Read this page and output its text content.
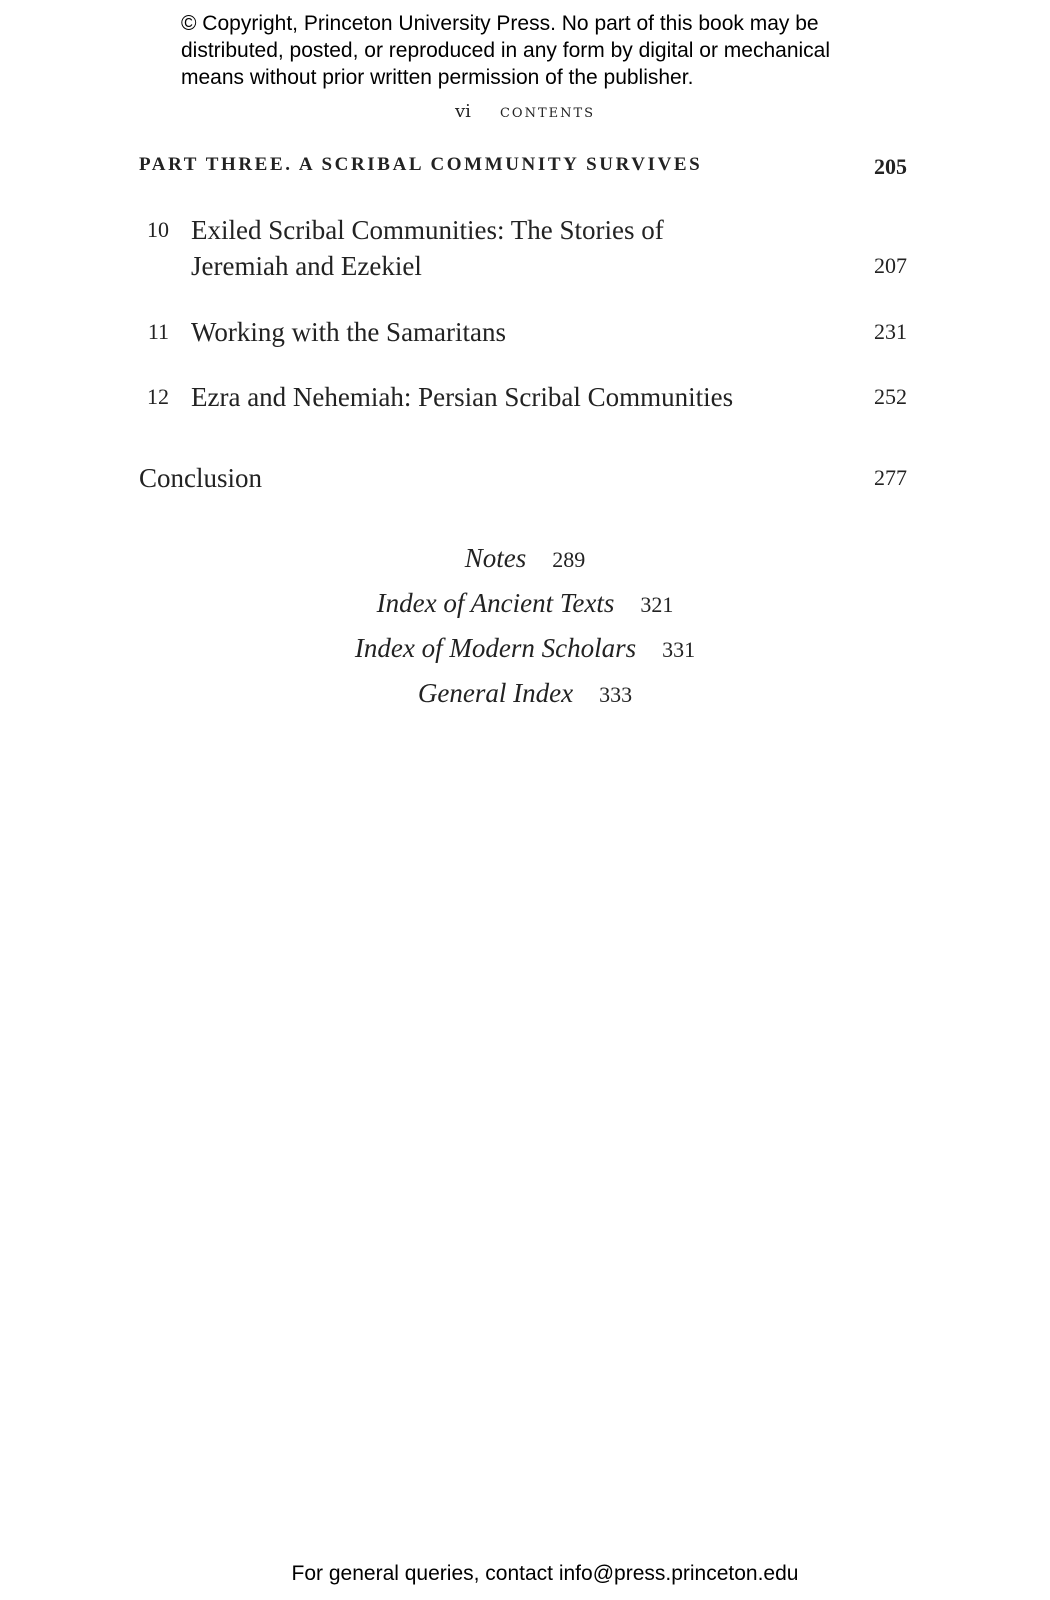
© Copyright, Princeton University Press. No part of this book may be
distributed, posted, or reproduced in any form by digital or mechanical
means without prior written permission of the publisher.
vi contents
PART THREE. A SCRIBAL COMMUNITY SURVIVES	205
10 Exiled Scribal Communities: The Stories of
Jeremiah and Ezekiel	207
11 Working with the Samaritans	231
12 Ezra and Nehemiah: Persian Scribal Communities	252
Conclusion	277
Notes 289
Index of Ancient Texts 321
Index of Modern Scholars 331
General Index 333
For general queries, contact info@press.princeton.edu
